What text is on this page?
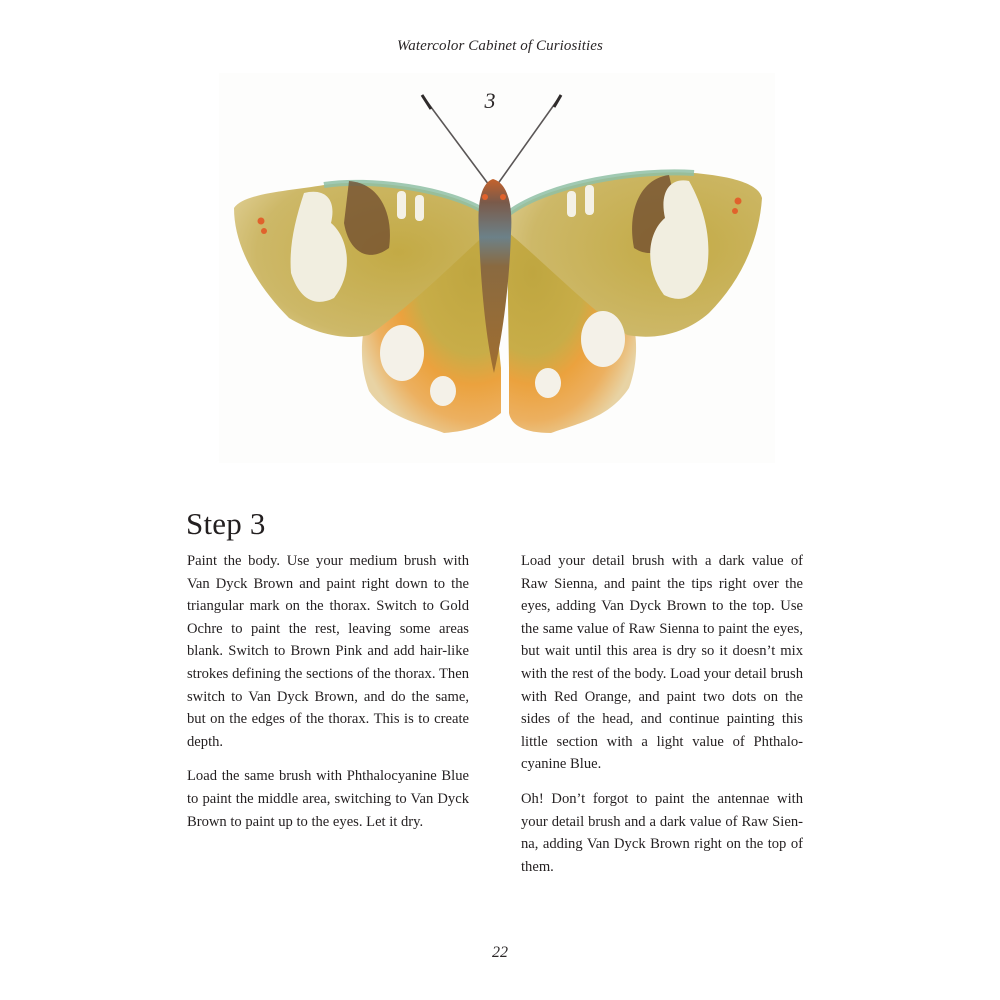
Watercolor Cabinet of Curiosities
3
Step 3

Paint the body. Use your medium brush with Van Dyck Brown and paint right down to the triangular mark on the thorax. Switch to Gold Ochre to paint the rest, leaving some areas blank. Switch to Brown Pink and add hair-like strokes defining the sections of the thorax. Then switch to Van Dyck Brown, and do the same, but on the edges of the thorax. This is to create depth.

Load the same brush with Phthalocyanine Blue to paint the middle area, switching to Van Dyck Brown to paint up to the eyes. Let it dry.

Load your detail brush with a dark value of Raw Sienna, and paint the tips right over the eyes, adding Van Dyck Brown to the top. Use the same value of Raw Sienna to paint the eyes, but wait until this area is dry so it doesn’t mix with the rest of the body. Load your detail brush with Red Orange, and paint two dots on the sides of the head, and continue painting this little section with a light value of Phthalo-cyanine Blue.

Oh! Don’t forgot to paint the antennae with your detail brush and a dark value of Raw Sien-na, adding Van Dyck Brown right on the top of them.

22
